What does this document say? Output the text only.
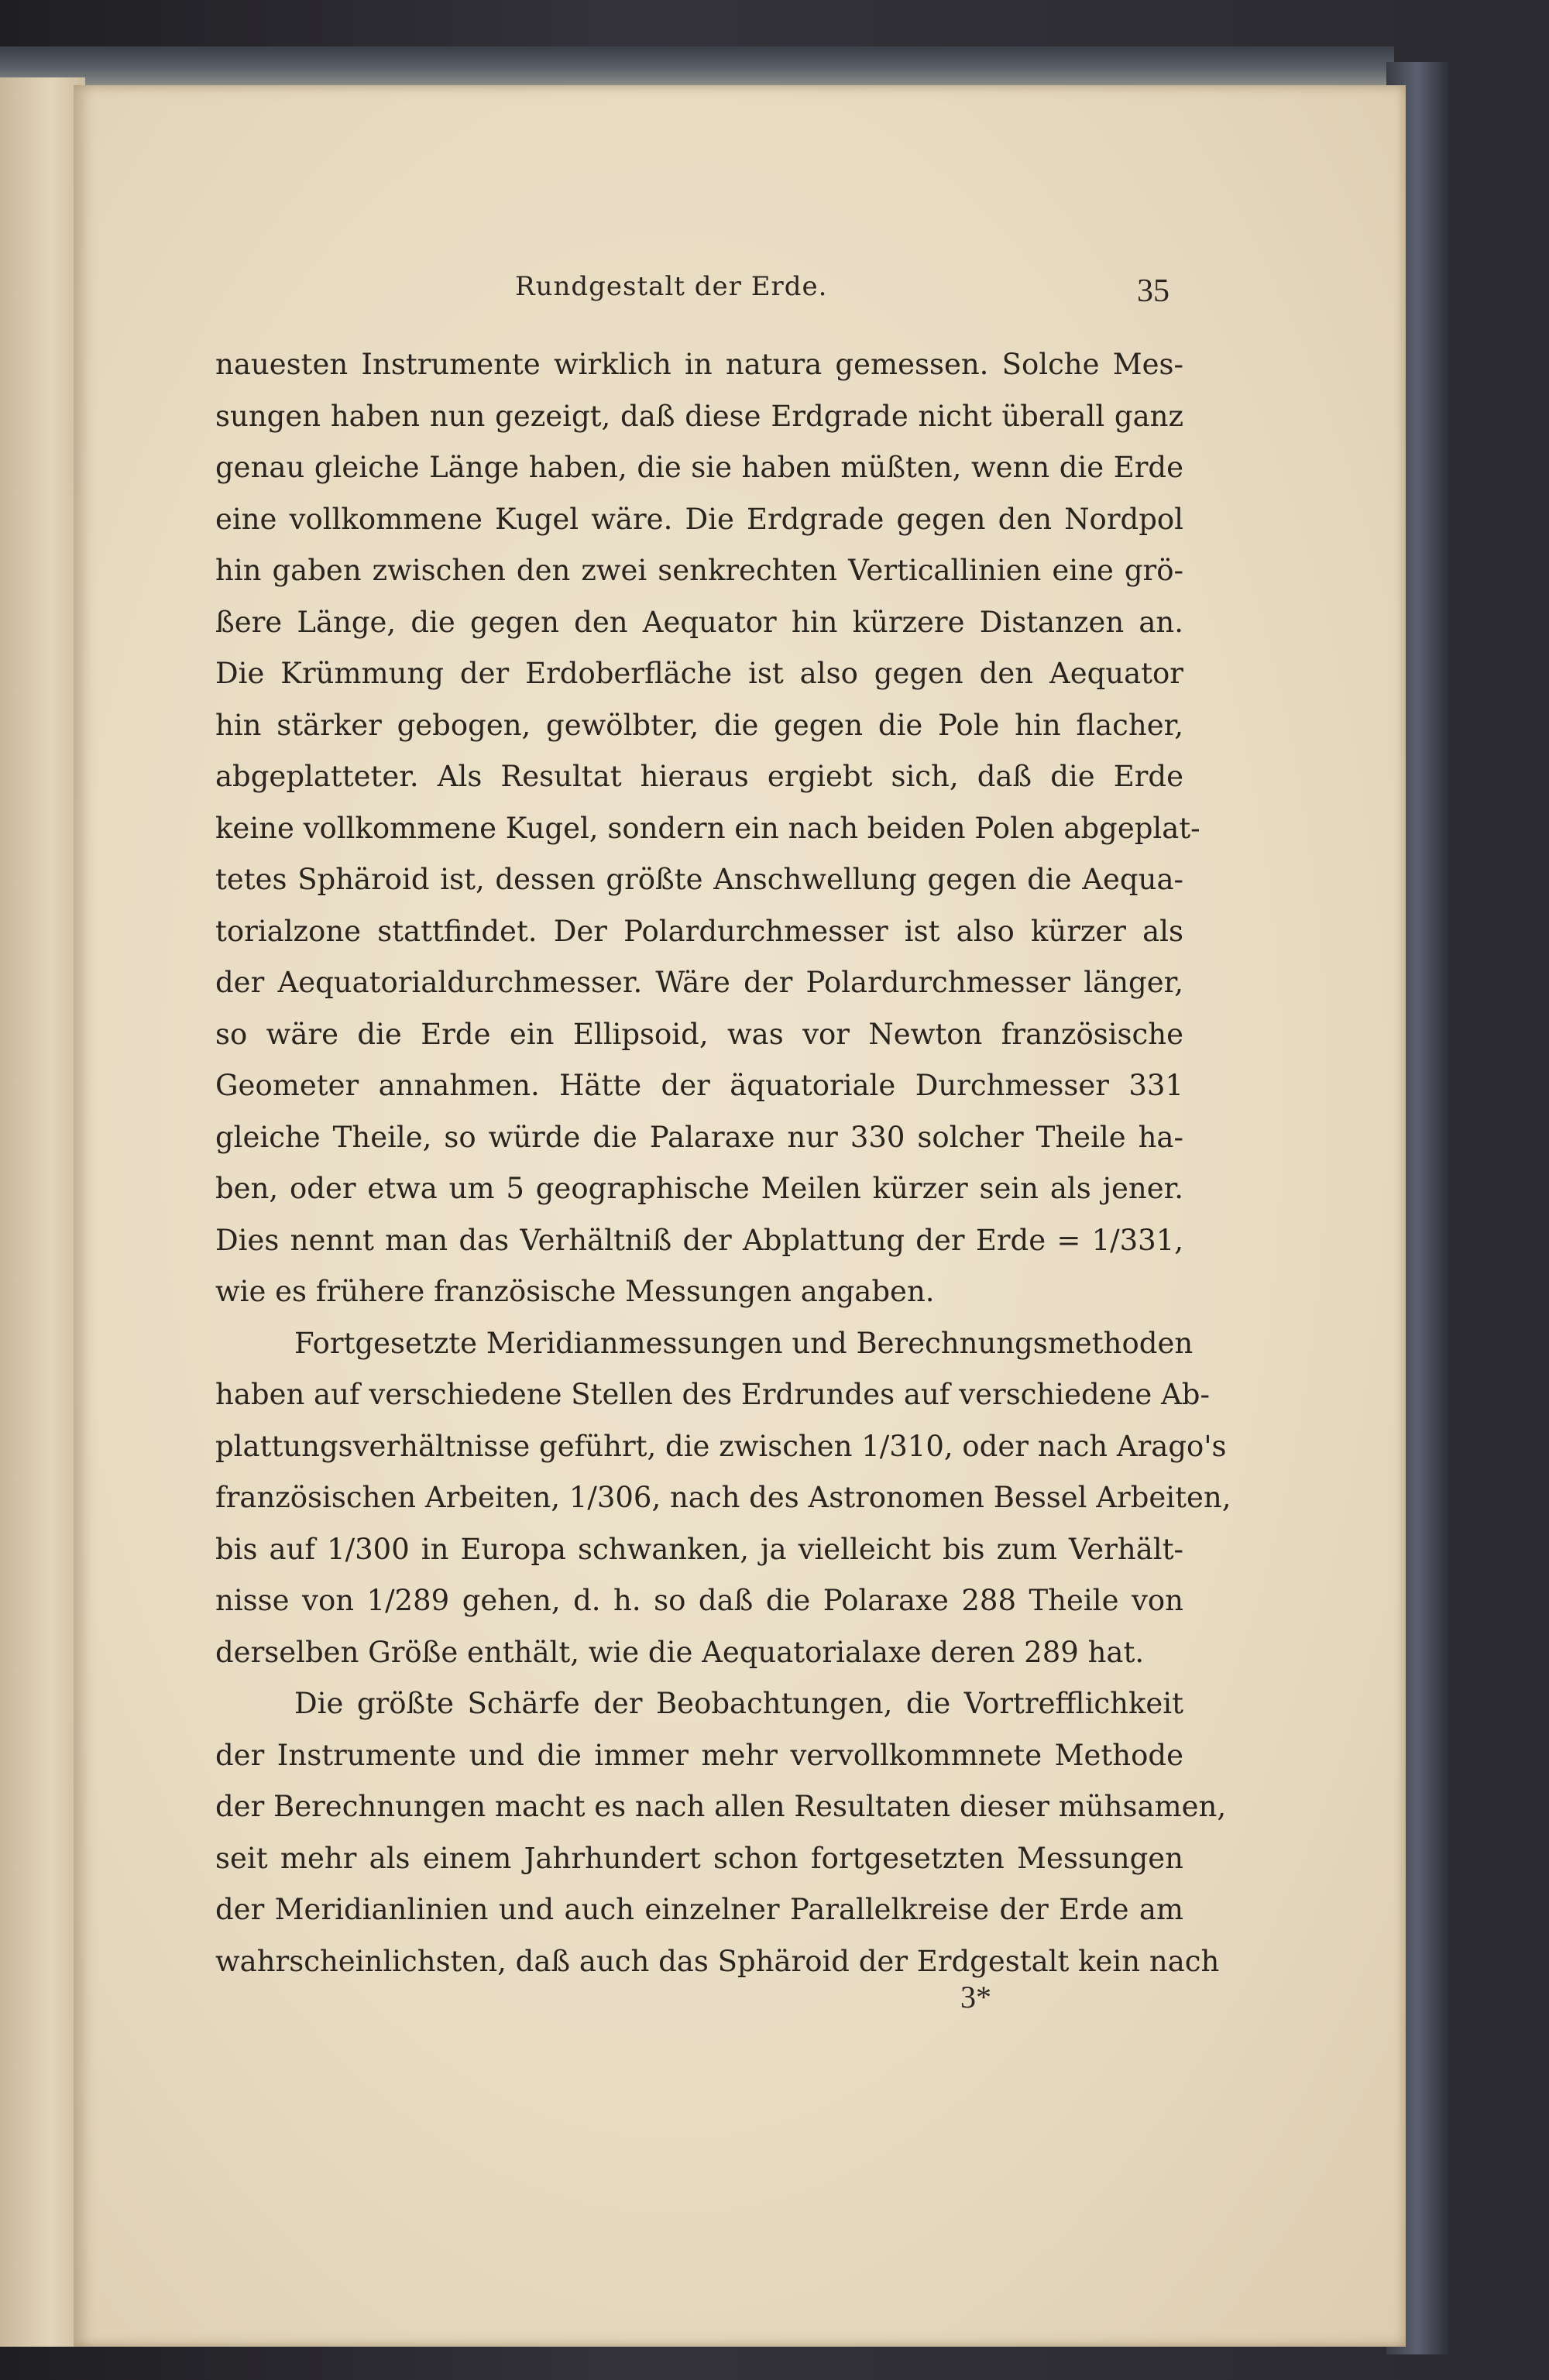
Rundgestalt der Erde.	35
nauesten Instrumente wirklich in natura gemessen. Solche Mes-
sungen haben nun gezeigt, daß diese Erdgrade nicht überall ganz
genau gleiche Länge haben, die sie haben müßten, wenn die Erde
eine vollkommene Kugel wäre. Die Erdgrade gegen den Nordpol
hin gaben zwischen den zwei senkrechten Verticallinien eine grö-
ßere Länge, die gegen den Aequator hin kürzere Distanzen an.
Die Krümmung der Erdoberfläche ist also gegen den Aequator
hin stärker gebogen, gewölbter, die gegen die Pole hin flacher,
abgeplatteter. Als Resultat hieraus ergiebt sich, daß die Erde
keine vollkommene Kugel, sondern ein nach beiden Polen abgeplat-
tetes Sphäroid ist, dessen größte Anschwellung gegen die Aequa-
torialzone stattfindet. Der Polardurchmesser ist also kürzer als
der Aequatorialdurchmesser. Wäre der Polardurchmesser länger,
so wäre die Erde ein Ellipsoid, was vor Newton französische
Geometer annahmen. Hätte der äquatoriale Durchmesser 331
gleiche Theile, so würde die Palaraxe nur 330 solcher Theile ha-
ben, oder etwa um 5 geographische Meilen kürzer sein als jener.
Dies nennt man das Verhältniß der Abplattung der Erde = 1/331,
wie es frühere französische Messungen angaben.
Fortgesetzte Meridianmessungen und Berechnungsmethoden
haben auf verschiedene Stellen des Erdrundes auf verschiedene Ab-
plattungsverhältnisse geführt, die zwischen 1/310, oder nach Arago's
französischen Arbeiten, 1/306, nach des Astronomen Bessel Arbeiten,
bis auf 1/300 in Europa schwanken, ja vielleicht bis zum Verhält-
nisse von 1/289 gehen, d. h. so daß die Polaraxe 288 Theile von
derselben Größe enthält, wie die Aequatorialaxe deren 289 hat.
Die größte Schärfe der Beobachtungen, die Vortrefflichkeit
der Instrumente und die immer mehr vervollkommnete Methode
der Berechnungen macht es nach allen Resultaten dieser mühsamen,
seit mehr als einem Jahrhundert schon fortgesetzten Messungen
der Meridianlinien und auch einzelner Parallelkreise der Erde am
wahrscheinlichsten, daß auch das Sphäroid der Erdgestalt kein nach
3*
